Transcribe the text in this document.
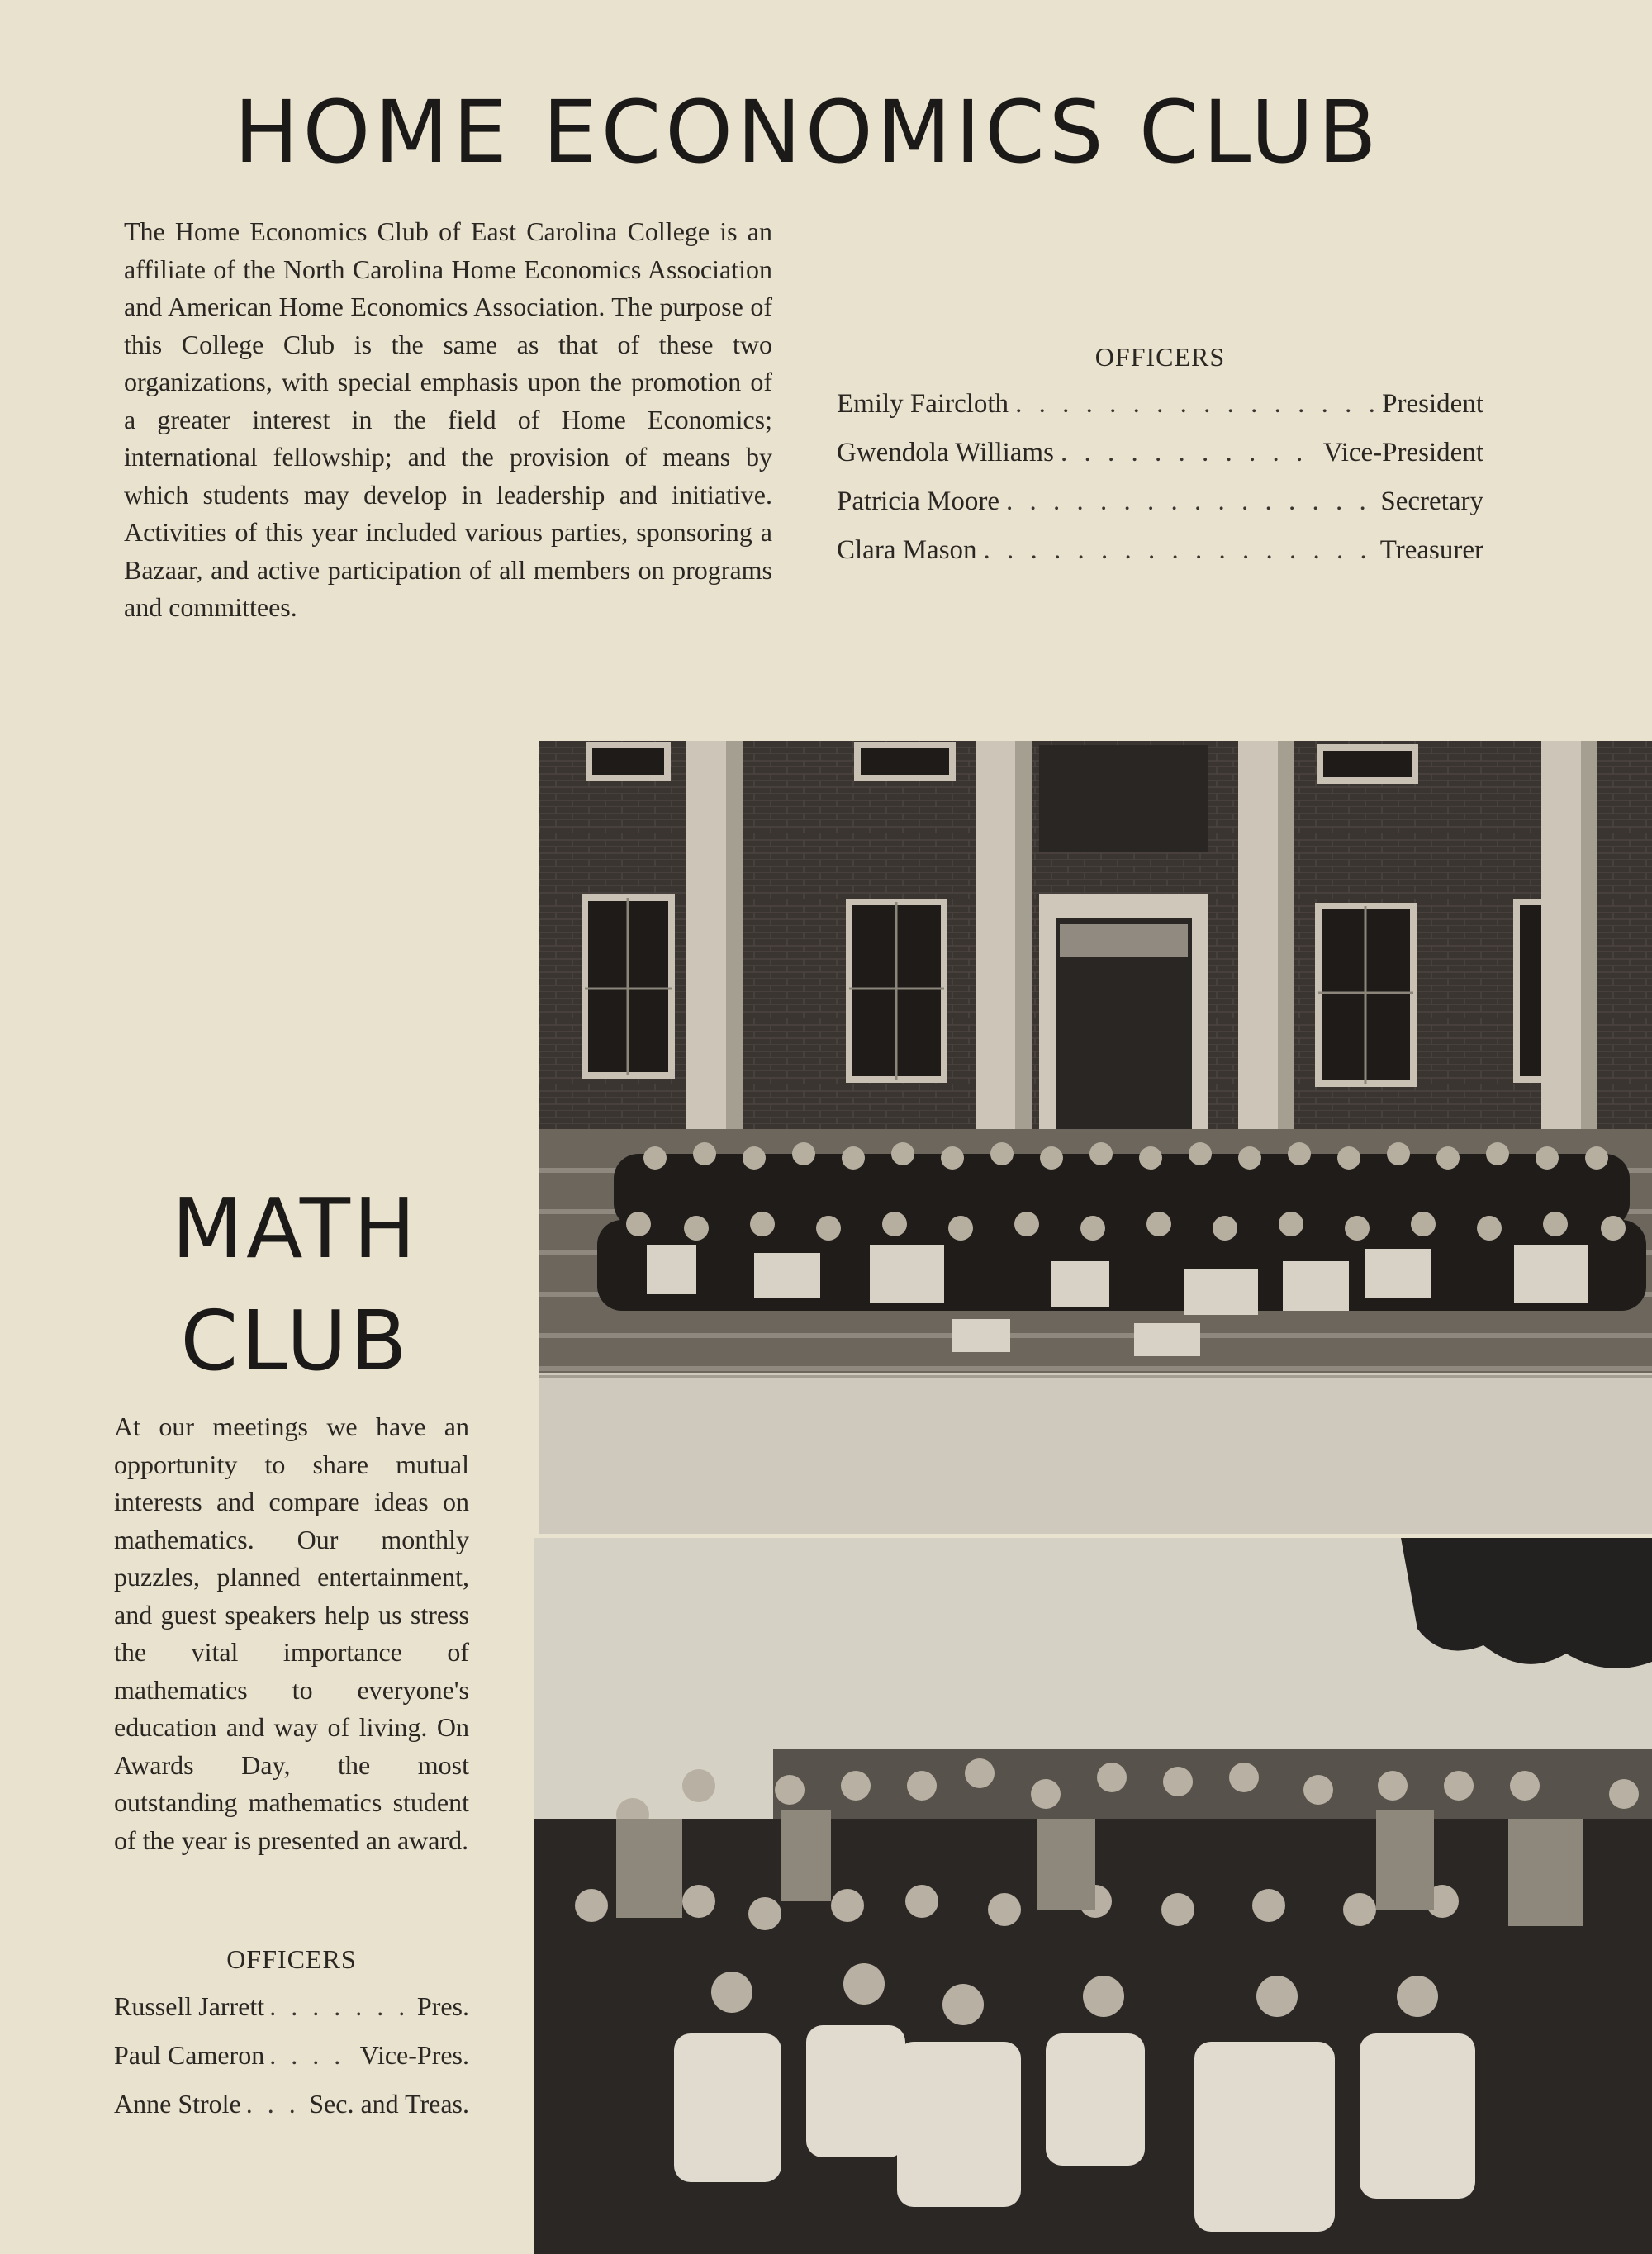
HOME ECONOMICS CLUB

The Home Economics Club of East Carolina College is an affiliate of the North Carolina Home Economics Association and American Home Economics Association. The purpose of this College Club is the same as that of these two organizations, with special emphasis upon the promotion of a greater interest in the field of Home Economics; international fellowship; and the provision of means by which students may develop in leadership and initiative. Activities of this year included various parties, sponsoring a Bazaar, and active participation of all members on programs and committees.

OFFICERS
Emily Faircloth . . .	President
Gwendola Williams . . .	Vice-President
Patricia Moore . . .	Secretary
Clara Mason . . .	Treasurer
MATH
CLUB

At our meetings we have an opportunity to share mutual interests and compare ideas on mathematics. Our monthly puzzles, planned entertainment, and guest speakers help us stress the vital importance of mathematics to everyone's education and way of living. On Awards Day, the most outstanding mathematics student of the year is presented an award.

OFFICERS
Russell Jarrett . . .	Pres.
Paul Cameron . . .	Vice-Pres.
Anne Strole . . .	Sec. and Treas.
